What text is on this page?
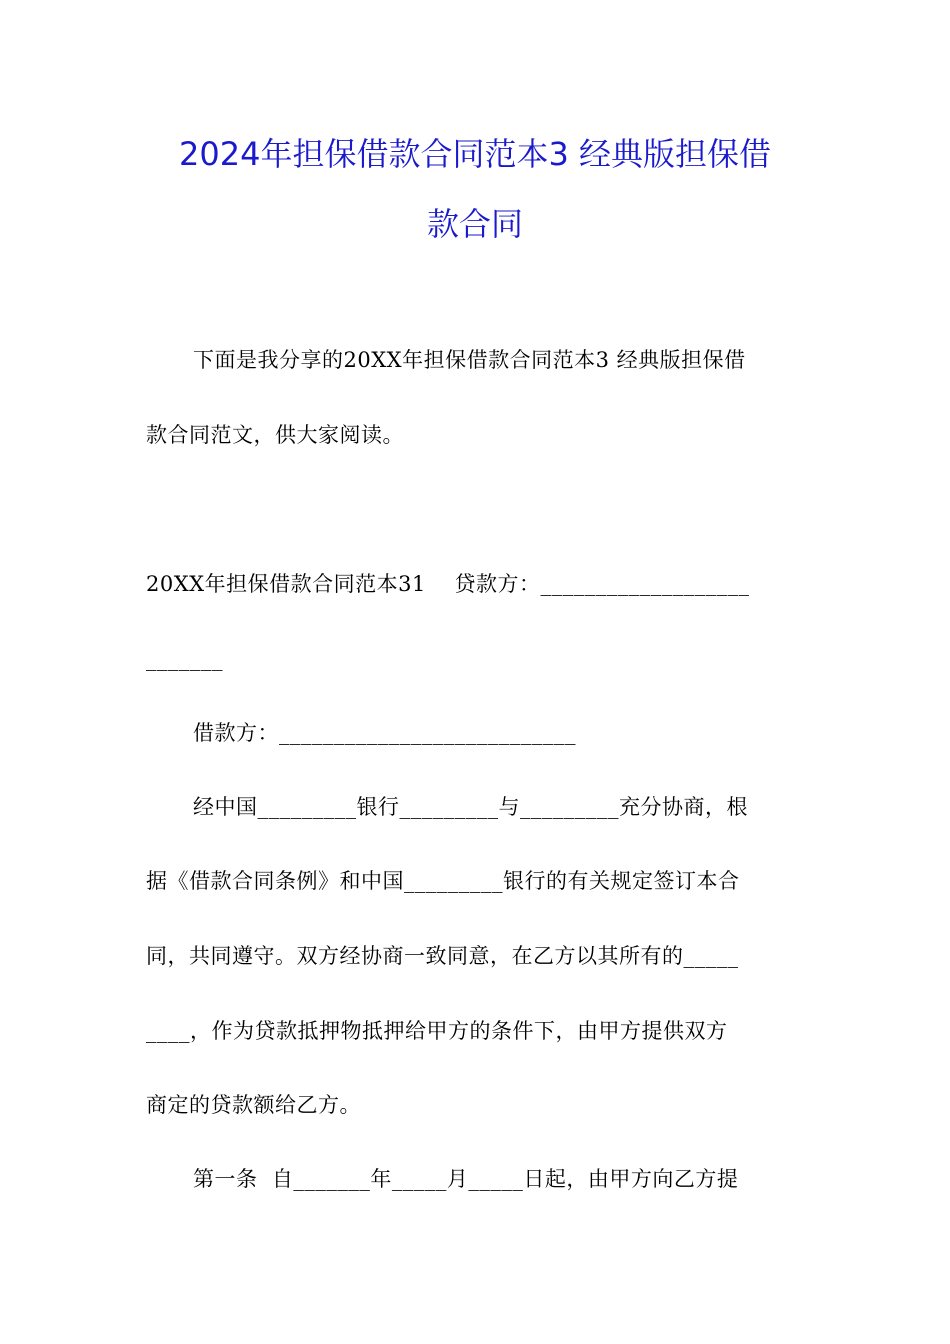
2024年担保借款合同范本3 经典版担保借
款合同
下面是我分享的20XX年担保借款合同范本3 经典版担保借
款合同范文，供大家阅读。
20XX年担保借款合同范本31    贷款方：___________________
_______
借款方：___________________________
经中国_________银行_________与_________充分协商，根
据《借款合同条例》和中国_________银行的有关规定签订本合
同，共同遵守。双方经协商一致同意，在乙方以其所有的_____
____，作为贷款抵押物抵押给甲方的条件下，由甲方提供双方
商定的贷款额给乙方。
第一条  自_______年_____月_____日起，由甲方向乙方提
